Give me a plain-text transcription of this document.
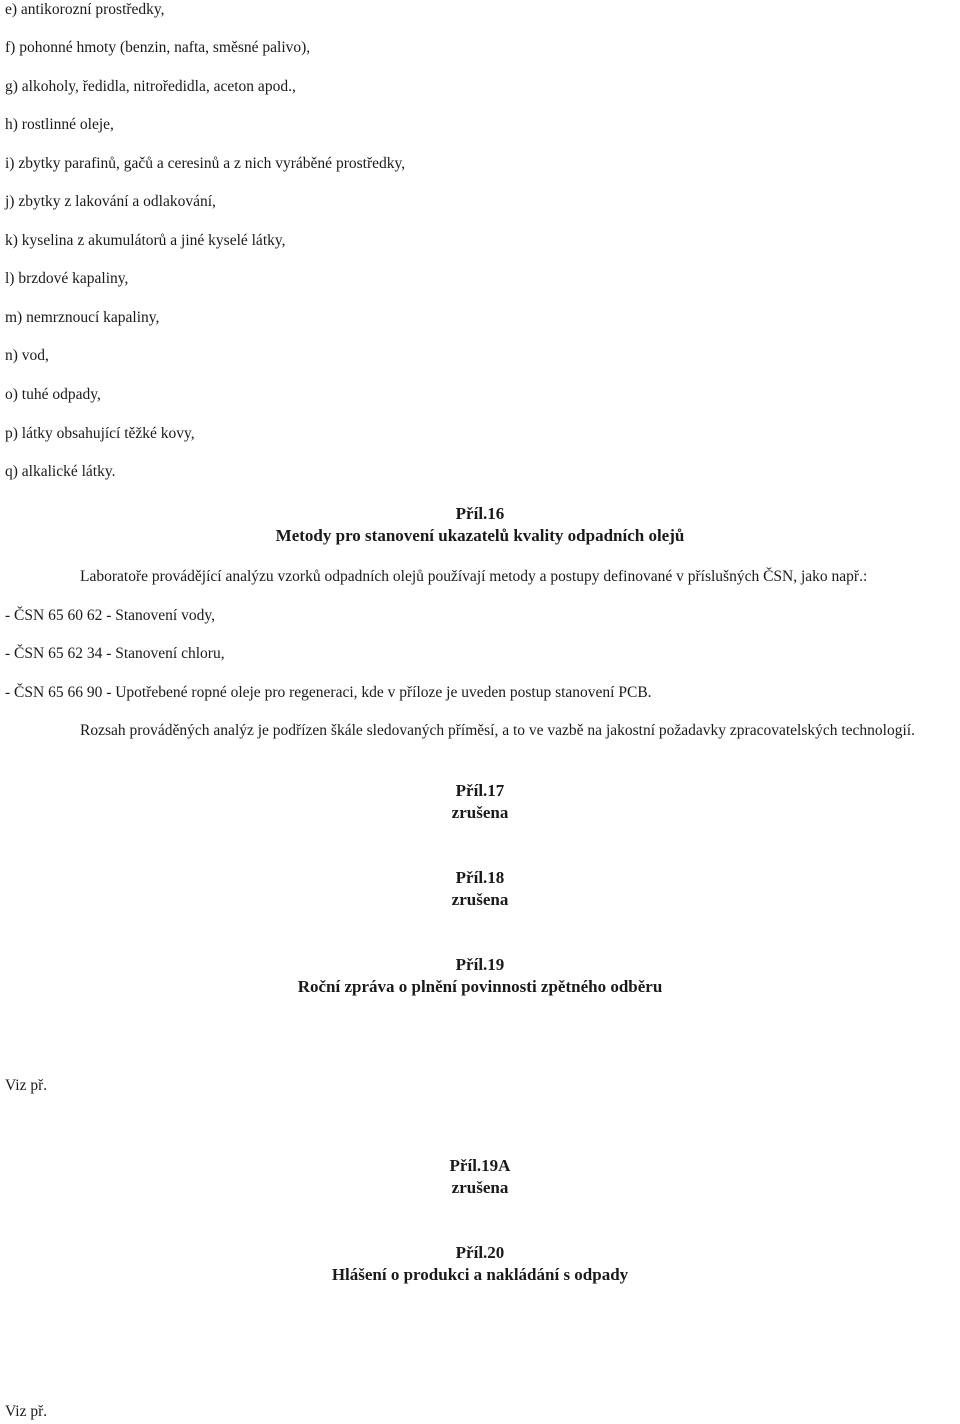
e) antikorozní prostředky,
f) pohonné hmoty (benzin, nafta, směsné palivo),
g) alkoholy, ředidla, nitroředidla, aceton apod.,
h) rostlinné oleje,
i) zbytky parafinů, gačů a ceresinů a z nich vyráběné prostředky,
j) zbytky z lakování a odlakování,
k) kyselina z akumulátorů a jiné kyselé látky,
l) brzdové kapaliny,
m) nemrznoucí kapaliny,
n) vod,
o) tuhé odpady,
p) látky obsahující těžké kovy,
q) alkalické látky.
Příl.16
Metody pro stanovení ukazatelů kvality odpadních olejů
Laboratoře provádějící analýzu vzorků odpadních olejů používají metody a postupy definované v příslušných ČSN, jako např.:
- ČSN 65 60 62 - Stanovení vody,
- ČSN 65 62 34 - Stanovení chloru,
- ČSN 65 66 90 - Upotřebené ropné oleje pro regeneraci, kde v příloze je uveden postup stanovení PCB.
Rozsah prováděných analýz je podřízen škále sledovaných příměsí, a to ve vazbě na jakostní požadavky zpracovatelských technologií.
Příl.17
zrušena
Příl.18
zrušena
Příl.19
Roční zpráva o plnění povinnosti zpětného odběru
Viz př.
Příl.19A
zrušena
Příl.20
Hlášení o produkci a nakládání s odpady
Viz př.
